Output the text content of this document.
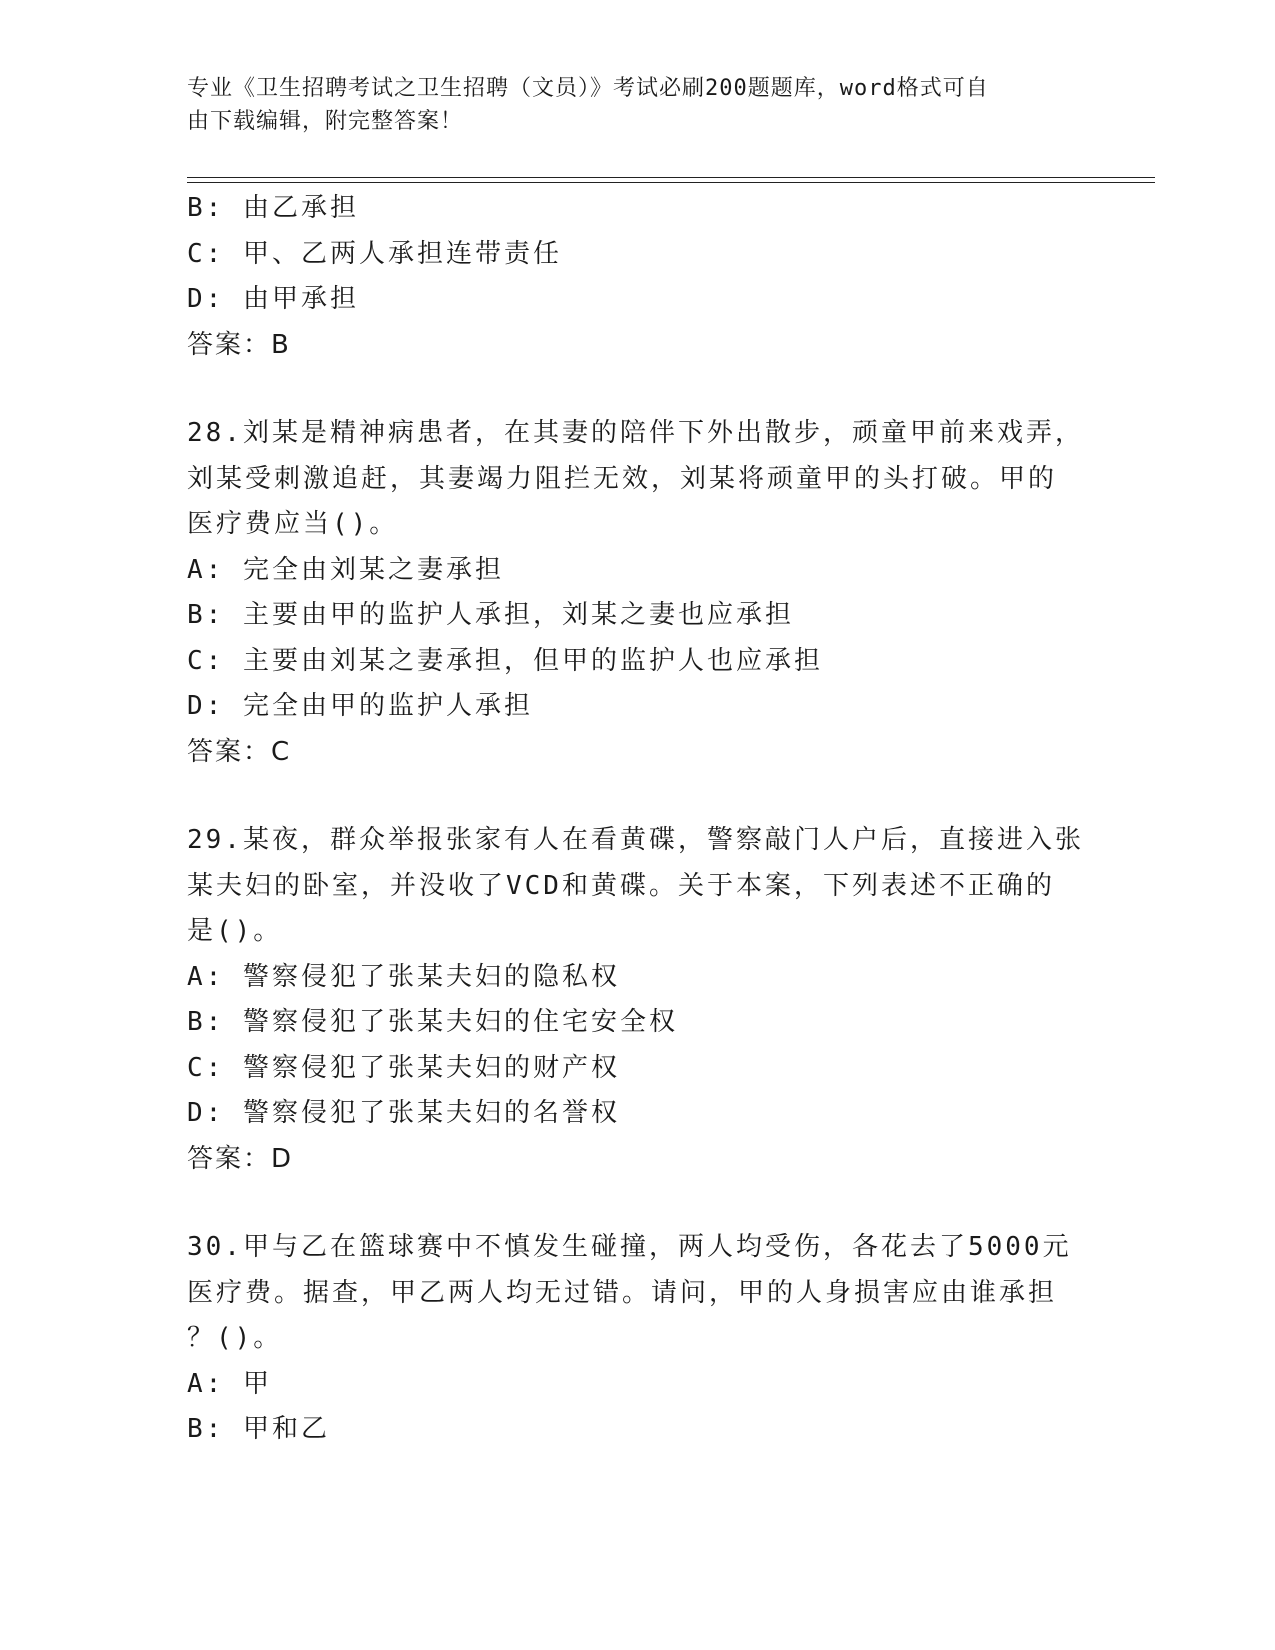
专业《卫生招聘考试之卫生招聘（文员）》考试必刷200题题库，word格式可自
由下载编辑，附完整答案！
B: 由乙承担
C: 甲、乙两人承担连带责任
D: 由甲承担
答案：B
28.刘某是精神病患者，在其妻的陪伴下外出散步，顽童甲前来戏弄，
刘某受刺激追赶，其妻竭力阻拦无效，刘某将顽童甲的头打破。甲的
医疗费应当()。
A: 完全由刘某之妻承担
B: 主要由甲的监护人承担，刘某之妻也应承担
C: 主要由刘某之妻承担，但甲的监护人也应承担
D: 完全由甲的监护人承担
答案：C
29.某夜，群众举报张家有人在看黄碟，警察敲门人户后，直接进入张
某夫妇的卧室，并没收了VCD和黄碟。关于本案，下列表述不正确的
是()。
A: 警察侵犯了张某夫妇的隐私权
B: 警察侵犯了张某夫妇的住宅安全权
C: 警察侵犯了张某夫妇的财产权
D: 警察侵犯了张某夫妇的名誉权
答案：D
30.甲与乙在篮球赛中不慎发生碰撞，两人均受伤，各花去了5000元
医疗费。据查，甲乙两人均无过错。请问，甲的人身损害应由谁承担
？()。
A: 甲
B: 甲和乙
